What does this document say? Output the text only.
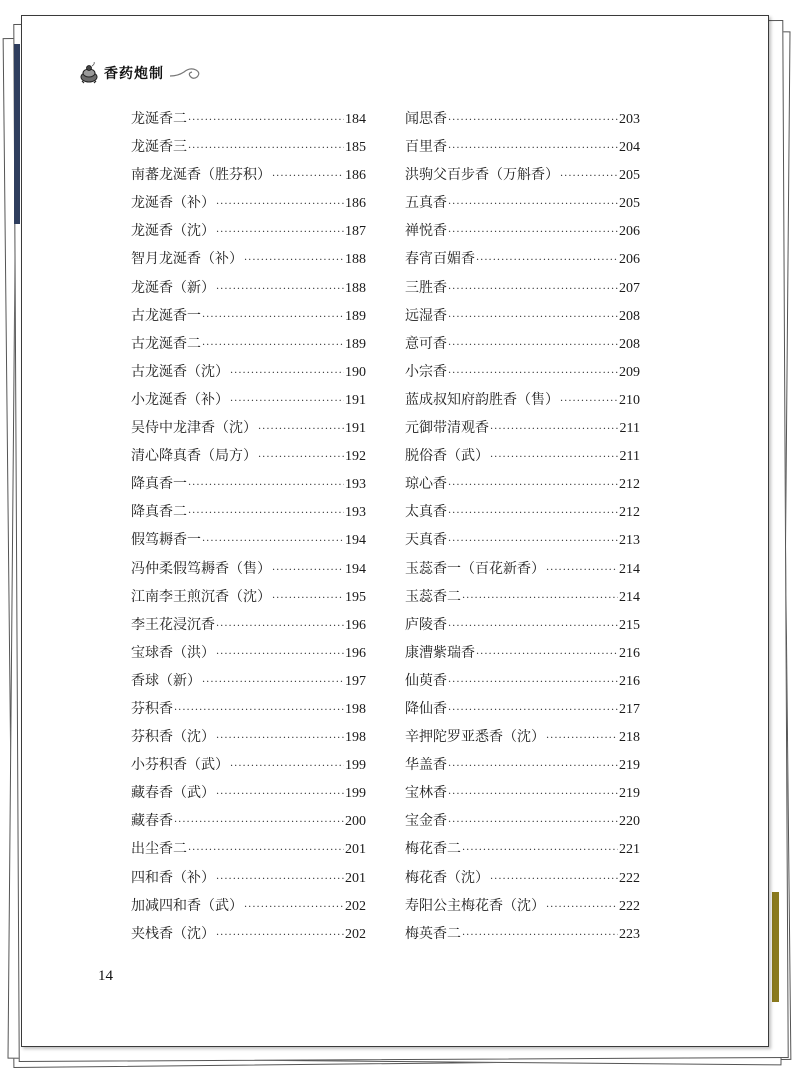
香药炮制
龙涎香二 ·····	184
龙涎香三 ·····	185
南蕃龙涎香（胜芬积） ·····	186
龙涎香（补） ·····	186
龙涎香（沈） ·····	187
智月龙涎香（补） ·····	188
龙涎香（新） ·····	188
古龙涎香一 ·····	189
古龙涎香二 ·····	189
古龙涎香（沈） ·····	190
小龙涎香（补） ·····	191
吴侍中龙津香（沈） ·····	191
清心降真香（局方） ·····	192
降真香一 ·····	193
降真香二 ·····	193
假笃耨香一 ·····	194
冯仲柔假笃耨香（售） ·····	194
江南李王煎沉香（沈） ·····	195
李王花浸沉香 ·····	196
宝球香（洪） ·····	196
香球（新） ·····	197
芬积香 ·····	198
芬积香（沈） ·····	198
小芬积香（武） ·····	199
藏春香（武） ·····	199
藏春香 ·····	200
出尘香二 ·····	201
四和香（补） ·····	201
加减四和香（武） ·····	202
夹栈香（沈） ·····	202
闻思香 ·····	203
百里香 ·····	204
洪驹父百步香（万斛香） ·····	205
五真香 ·····	205
禅悦香 ·····	206
春宵百媚香 ·····	206
三胜香 ·····	207
远湿香 ·····	208
意可香 ·····	208
小宗香 ·····	209
蓝成叔知府韵胜香（售） ·····	210
元御带清观香 ·····	211
脱俗香（武） ·····	211
琼心香 ·····	212
太真香 ·····	212
天真香 ·····	213
玉蕊香一（百花新香） ·····	214
玉蕊香二 ·····	214
庐陵香 ·····	215
康漕紫瑞香 ·····	216
仙萸香 ·····	216
降仙香 ·····	217
辛押陀罗亚悉香（沈） ·····	218
华盖香 ·····	219
宝林香 ·····	219
宝金香 ·····	220
梅花香二 ·····	221
梅花香（沈） ·····	222
寿阳公主梅花香（沈） ·····	222
梅英香二 ·····	223
14
